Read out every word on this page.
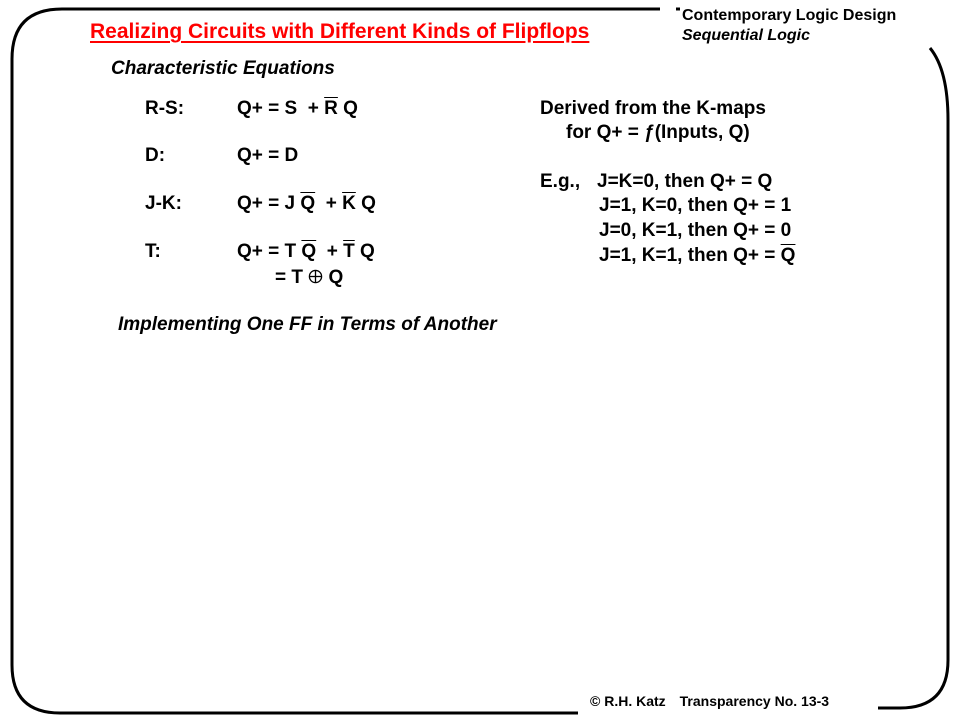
Realizing Circuits with Different Kinds of Flipflops
Contemporary Logic Design
Sequential Logic
Characteristic Equations
R-S:	$Q+ = S + \overline{R}$ Q
D:	Q+ = D
J-K:	Q+ = J $\overline{Q} + \overline{K}$ Q
T:	Q+ = T $\overline{Q} + \overline{T}$ Q
= T  Q
Derived from the K-maps
for Q+ = ƒ(Inputs, Q)
E.g., J=K=0, then Q+ = Q
J=1, K=0, then Q+ = 1
J=0, K=1, then Q+ = 0
J=1, K=1, then $Q+ = \overline{Q}$
Implementing One FF in Terms of Another
© R.H. Katz Transparency No. 13-3
